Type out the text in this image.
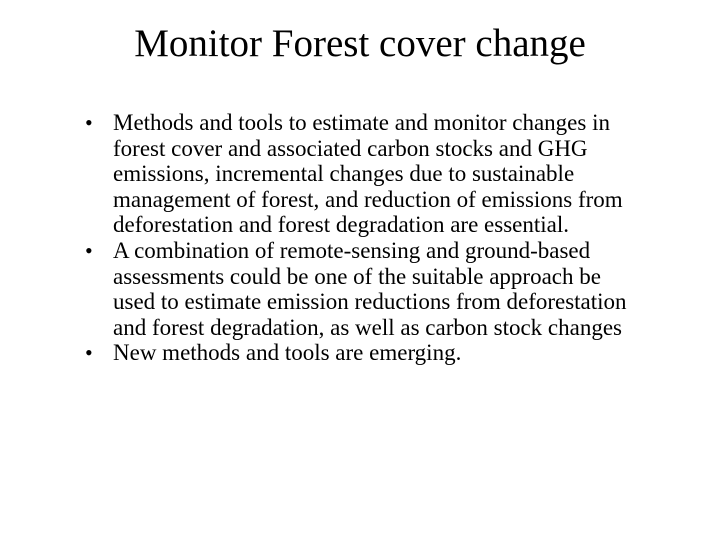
Monitor Forest cover change
• Methods and tools to estimate and monitor changes in forest cover and associated carbon stocks and GHG emissions, incremental changes due to sustainable management of forest, and reduction of emissions from deforestation and forest degradation are essential.
• A combination of remote-sensing and ground-based assessments could be one of the suitable approach be used to estimate emission reductions from deforestation and forest degradation, as well as carbon stock changes
• New methods and tools are emerging.
